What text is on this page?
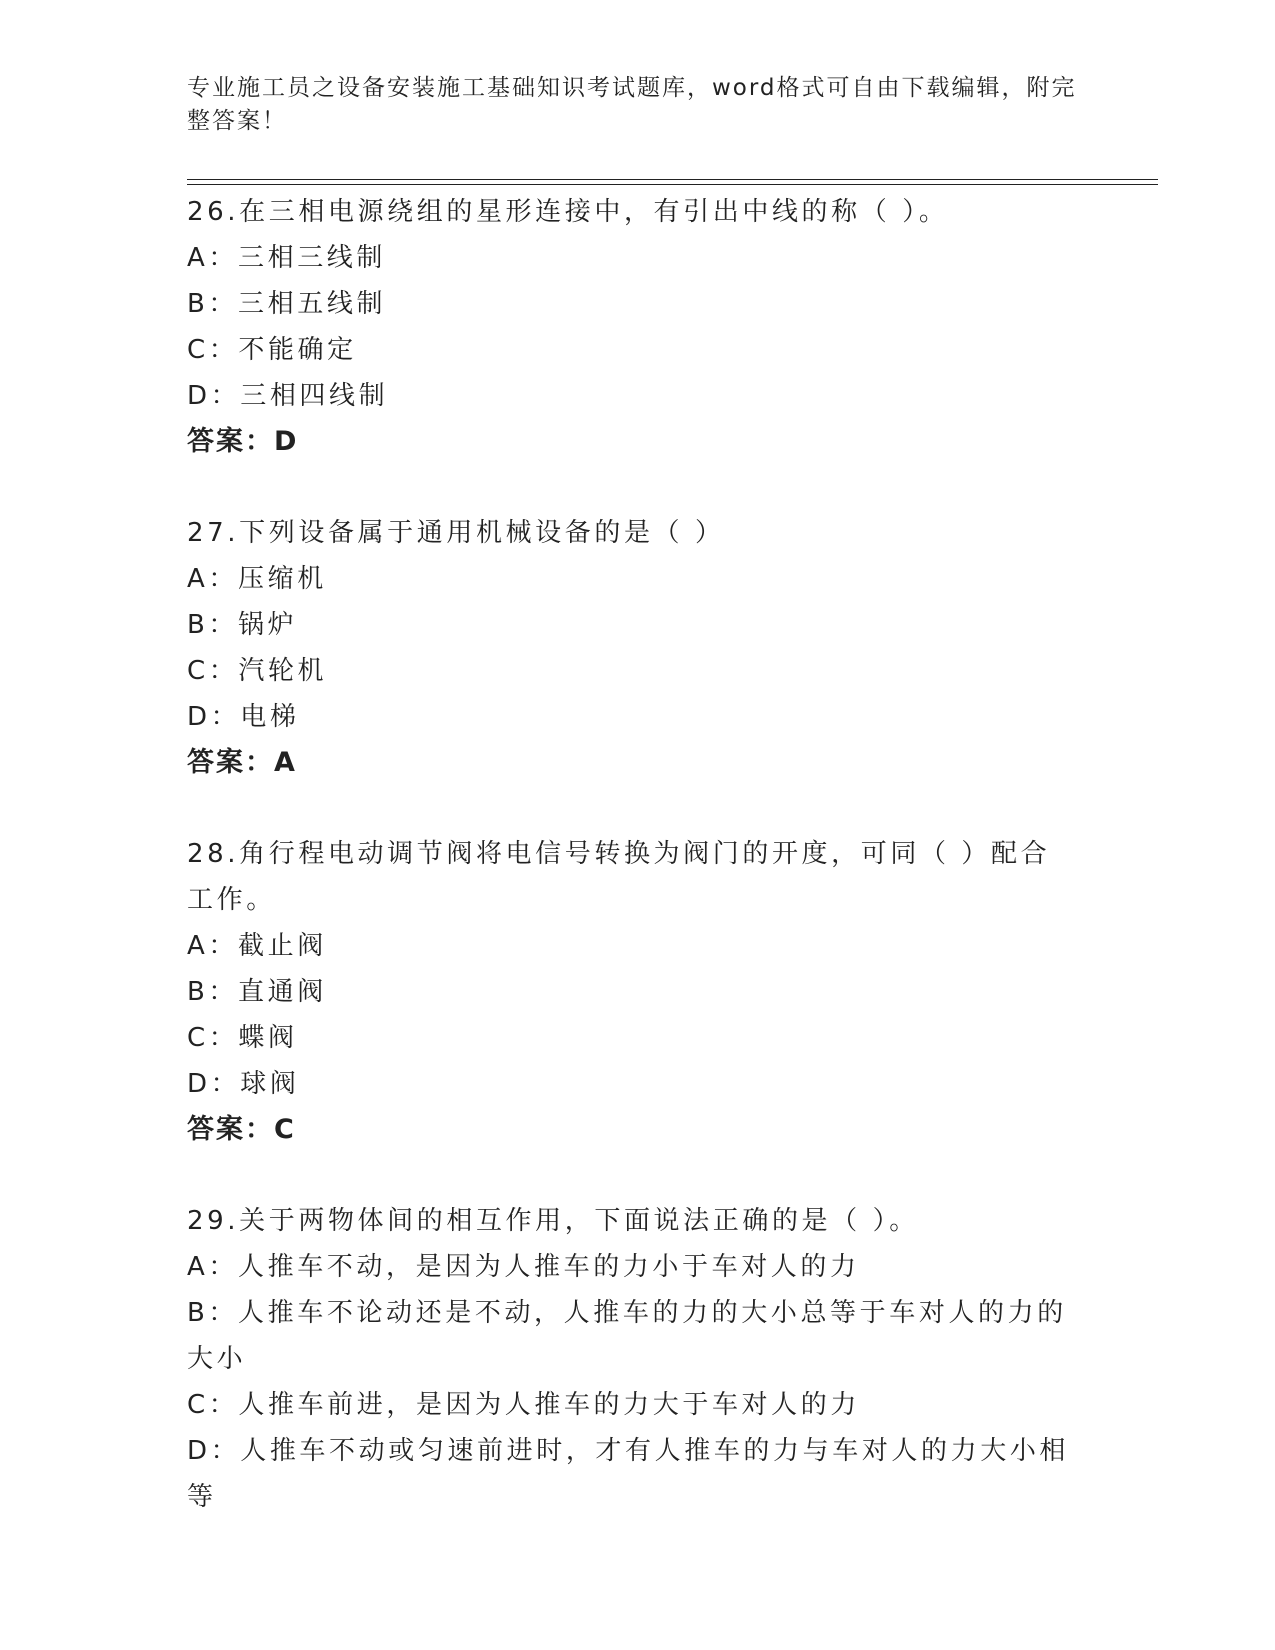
专业施工员之设备安装施工基础知识考试题库，word格式可自由下载编辑，附完整答案！
26.在三相电源绕组的星形连接中，有引出中线的称（ ）。
A：三相三线制
B：三相五线制
C：不能确定
D：三相四线制
答案：D
27.下列设备属于通用机械设备的是（ ）
A：压缩机
B：锅炉
C：汽轮机
D：电梯
答案：A
28.角行程电动调节阀将电信号转换为阀门的开度，可同（ ）配合工作。
A：截止阀
B：直通阀
C：蝶阀
D：球阀
答案：C
29.关于两物体间的相互作用，下面说法正确的是（ ）。
A：人推车不动，是因为人推车的力小于车对人的力
B：人推车不论动还是不动，人推车的力的大小总等于车对人的力的大小
C：人推车前进，是因为人推车的力大于车对人的力
D：人推车不动或匀速前进时，才有人推车的力与车对人的力大小相等
